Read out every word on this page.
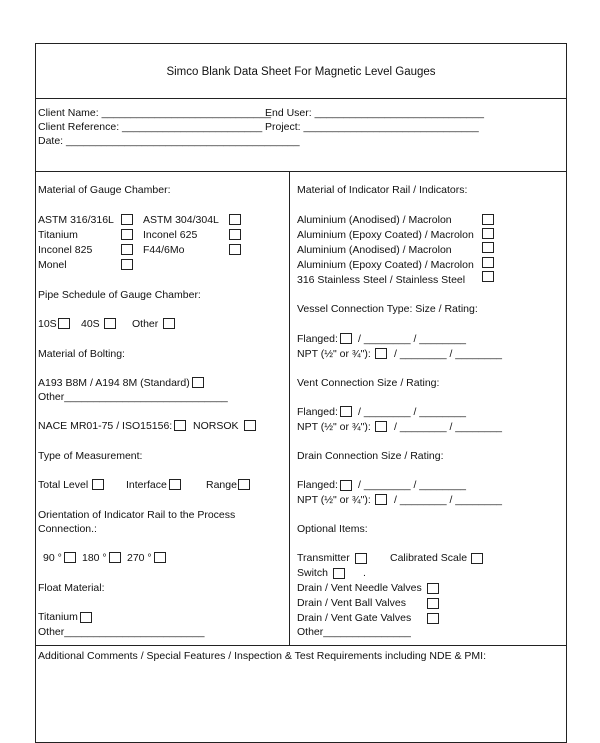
Simco Blank Data Sheet For Magnetic Level Gauges
Client Name: _____________________________
Client Reference: ________________________
Date: ________________________________________
End User: _____________________________
Project: ______________________________
Material of Gauge Chamber:
ASTM 316/316L	ASTM 304/304L
Titanium	Inconel 625
Inconel 825	F44/6Mo
Monel
Pipe Schedule of Gauge Chamber:
10S 40S	Other
Material of Bolting:
A193 B8M / A194 8M (Standard)
Other____________________________
NACE MR01-75 / ISO15156: NORSOK
Type of Measurement:
Total Level	Interface	Range
Orientation of Indicator Rail to the Process
Connection.:
90 ° 180 ° 270 °
Float Material:
Titanium
Other________________________
Material of Indicator Rail / Indicators:
Aluminium (Anodised) / Macrolon
Aluminium (Epoxy Coated) / Macrolon
Aluminium (Anodised) / Macrolon
Aluminium (Epoxy Coated) / Macrolon
316 Stainless Steel / Stainless Steel
Vessel Connection Type: Size / Rating:
Flanged: / ________ / ________
NPT (½" or ¾"): / ________ / ________
Vent Connection Size / Rating:
Flanged: / ________ / ________
NPT (½" or ¾"): / ________ / ________
Drain Connection Size / Rating:
Flanged: / ________ / ________
NPT (½" or ¾"): / ________ / ________
Optional Items:
Transmitter	Calibrated Scale
Switch	.
Drain / Vent Needle Valves
Drain / Vent Ball Valves
Drain / Vent Gate Valves
Other_______________
Additional Comments / Special Features / Inspection & Test Requirements including NDE & PMI:
